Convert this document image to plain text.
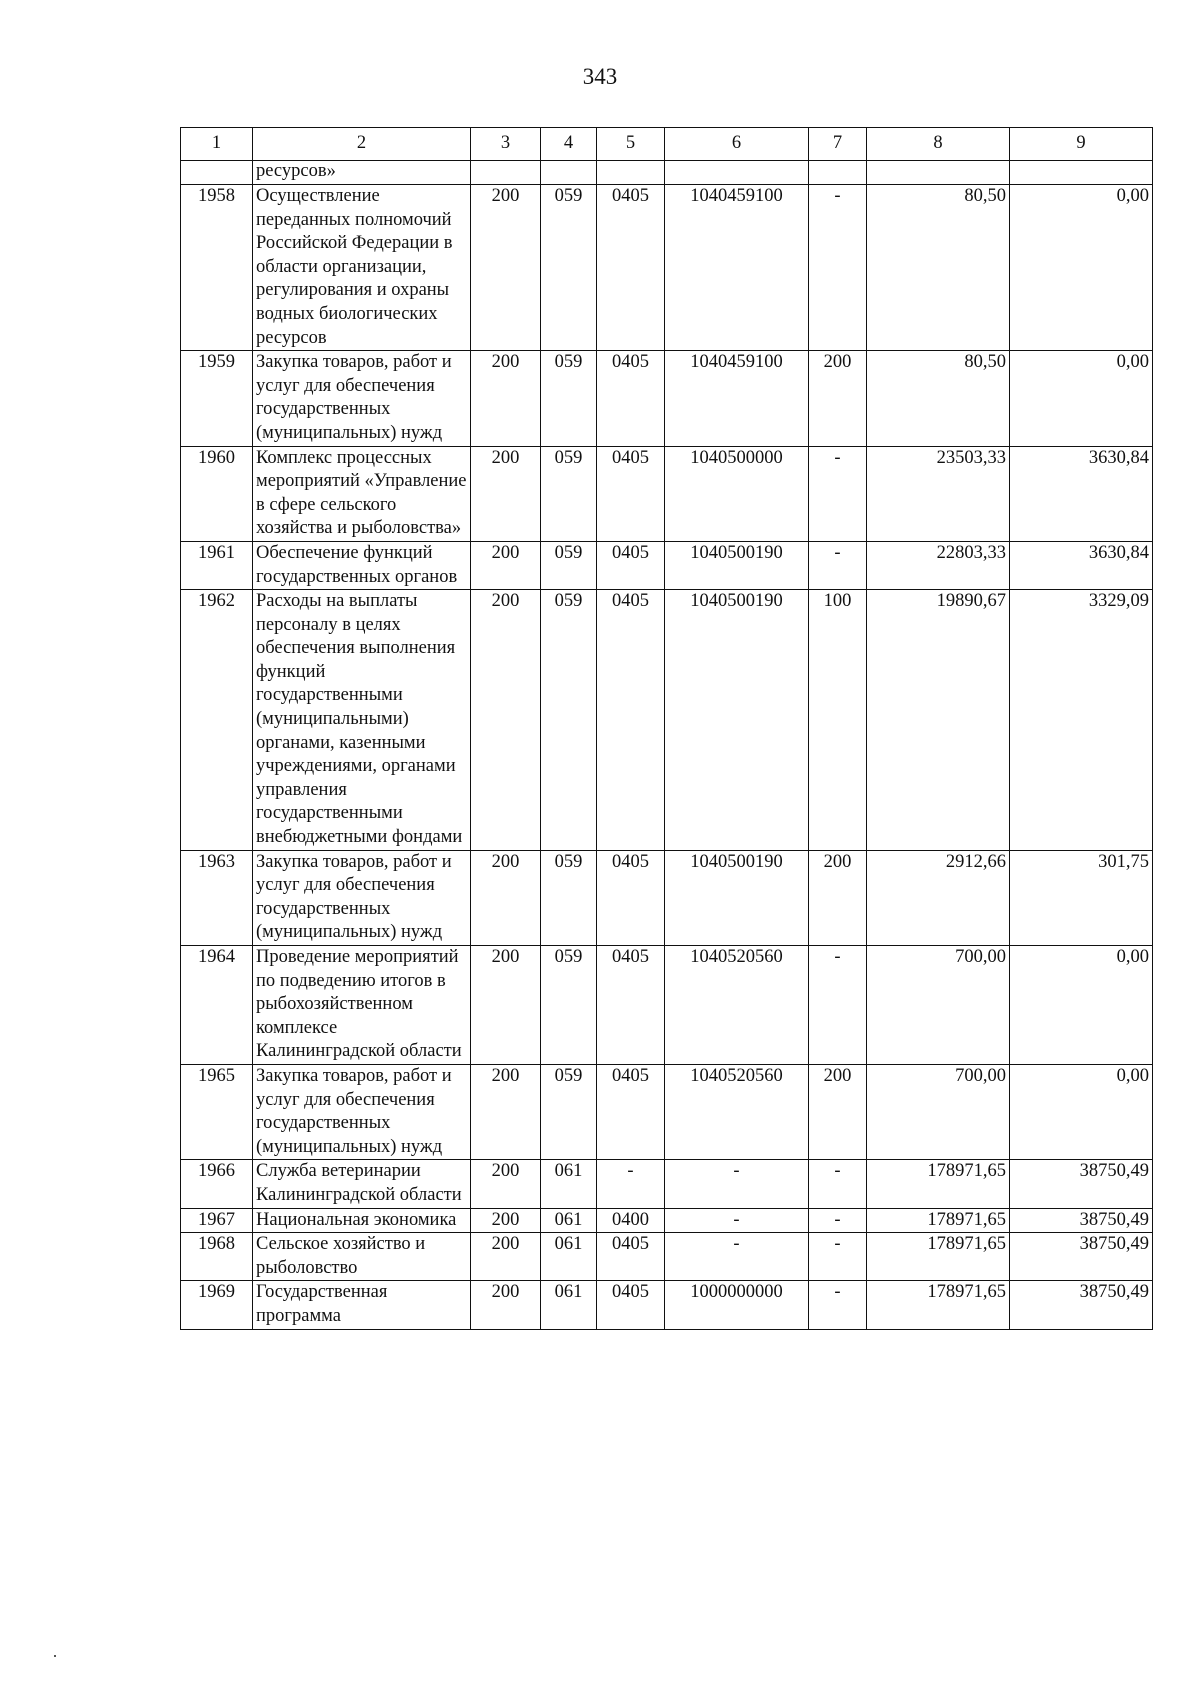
343
1	2	3	4	5	6	7	8	9
	ресурсов»							
1958	Осуществление переданных полномочий Российской Федерации в области организации, регулирования и охраны водных биологических ресурсов	200	059	0405	1040459100	-	80,50	0,00
1959	Закупка товаров, работ и услуг для обеспечения государственных (муниципальных) нужд	200	059	0405	1040459100	200	80,50	0,00
1960	Комплекс процессных мероприятий «Управление в сфере сельского хозяйства и рыболовства»	200	059	0405	1040500000	-	23503,33	3630,84
1961	Обеспечение функций государственных органов	200	059	0405	1040500190	-	22803,33	3630,84
1962	Расходы на выплаты персоналу в целях обеспечения выполнения функций государственными (муниципальными) органами, казенными учреждениями, органами управления государственными внебюджетными фондами	200	059	0405	1040500190	100	19890,67	3329,09
1963	Закупка товаров, работ и услуг для обеспечения государственных (муниципальных) нужд	200	059	0405	1040500190	200	2912,66	301,75
1964	Проведение мероприятий по подведению итогов в рыбохозяйственном комплексе Калининградской области	200	059	0405	1040520560	-	700,00	0,00
1965	Закупка товаров, работ и услуг для обеспечения государственных (муниципальных) нужд	200	059	0405	1040520560	200	700,00	0,00
1966	Служба ветеринарии Калининградской области	200	061	-	-	-	178971,65	38750,49
1967	Национальная экономика	200	061	0400	-	-	178971,65	38750,49
1968	Сельское хозяйство и рыболовство	200	061	0405	-	-	178971,65	38750,49
1969	Государственная программа	200	061	0405	1000000000	-	178971,65	38750,49
